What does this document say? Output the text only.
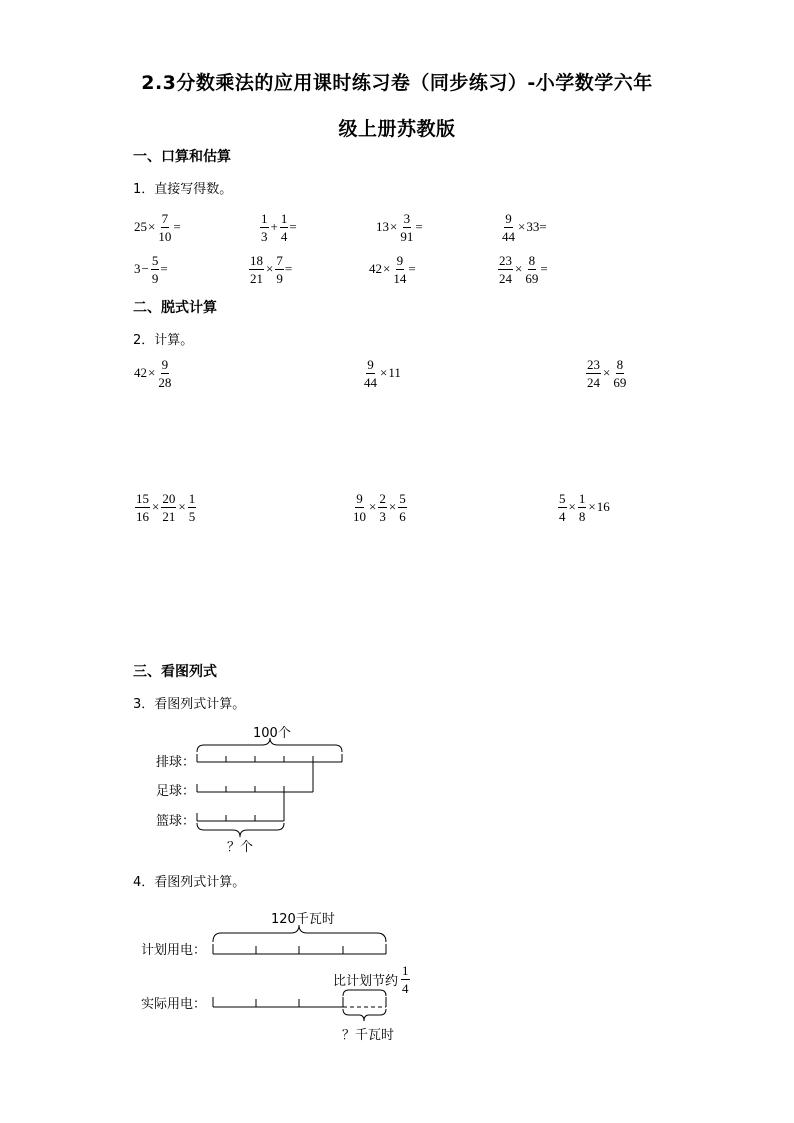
2.3分数乘法的应用课时练习卷（同步练习）-小学数学六年
级上册苏教版
一、口算和估算
1．直接写得数。
$25 \times \frac{7}{10}$ =	$\frac{1}{3} + \frac{1}{4}$ =	$13 \times \frac{3}{91}$ =	$\frac{9}{44} \times 33$ =
$3 - \frac{5}{9}$ =	$\frac{18}{21} \times \frac{7}{9}$ =	$42 \times \frac{9}{14}$ =	$\frac{23}{24} \times \frac{8}{69}$ =
二、脱式计算
2．计算。
$42 \times \frac{9}{28}$	$\frac{9}{44} \times 11$	$\frac{23}{24} \times \frac{8}{69}$
$\frac{15}{16} \times \frac{20}{21} \times \frac{1}{5}$	$\frac{9}{10} \times \frac{2}{3} \times \frac{5}{6}$	$\frac{5}{4} \times \frac{1}{8} \times 16$
三、看图列式
3．看图列式计算。
100个
排球：
足球：
篮球：
？个
4．看图列式计算。
120千瓦时
计划用电：
实际用电：
比计划节约 $\frac{1}{4}$
？千瓦时
